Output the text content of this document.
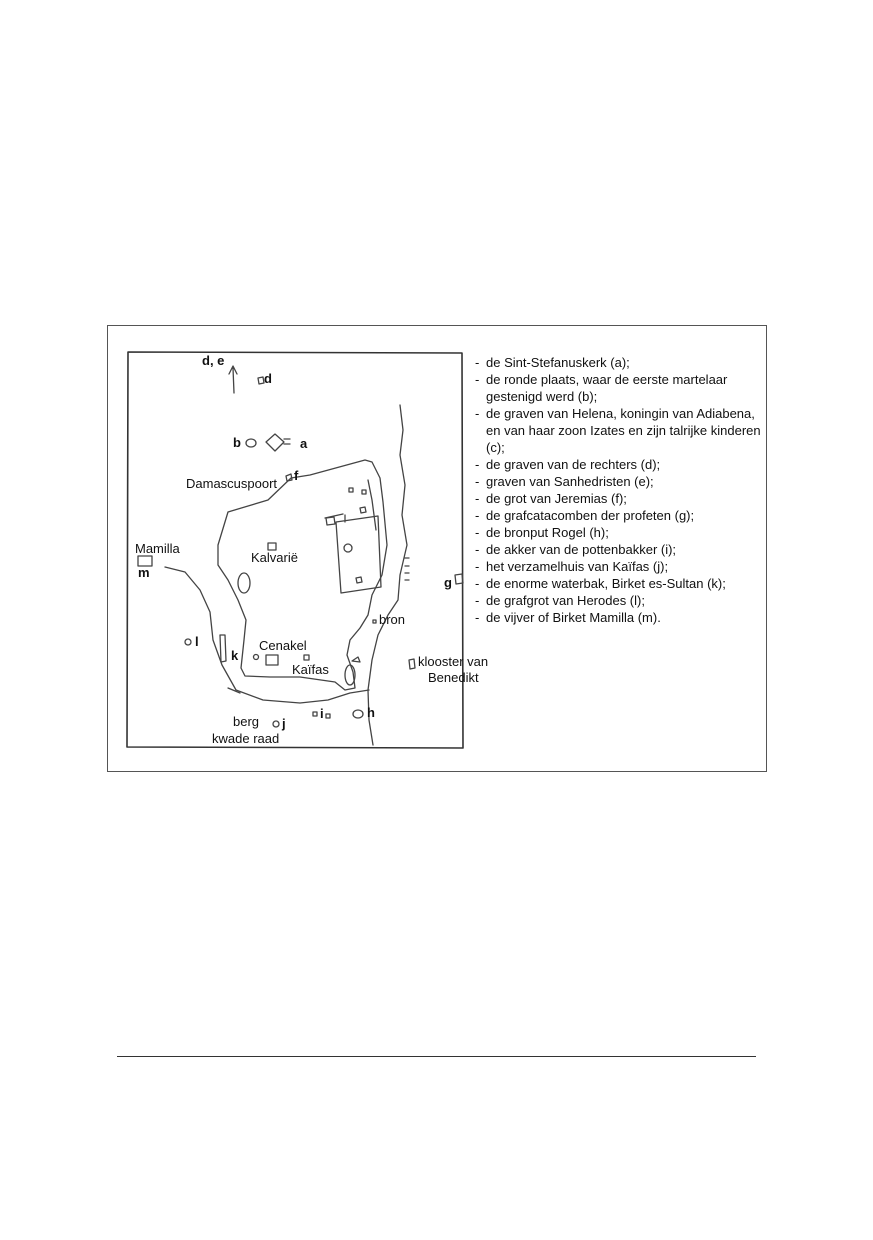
d, e
d
b	a
Damascuspoort
f
Mamilla
m
Kalvarië
g
bron
l
k
Cenakel
Kaïfas
klooster van
Benedikt
h
i
j
berg
kwade raad
- de Sint-Stefanuskerk (a);
- de ronde plaats, waar de eerste martelaar gestenigd werd (b);
- de graven van Helena, koningin van Adiabena, en van haar zoon Izates en zijn talrijke kinderen (c);
- de graven van de rechters (d);
- graven van Sanhedristen (e);
- de grot van Jeremias (f);
- de grafcatacomben der profeten (g);
- de bronput Rogel (h);
- de akker van de pottenbakker (i);
- het verzamelhuis van Kaïfas (j);
- de enorme waterbak, Birket es-Sultan (k);
- de grafgrot van Herodes (l);
- de vijver of Birket Mamilla (m).
